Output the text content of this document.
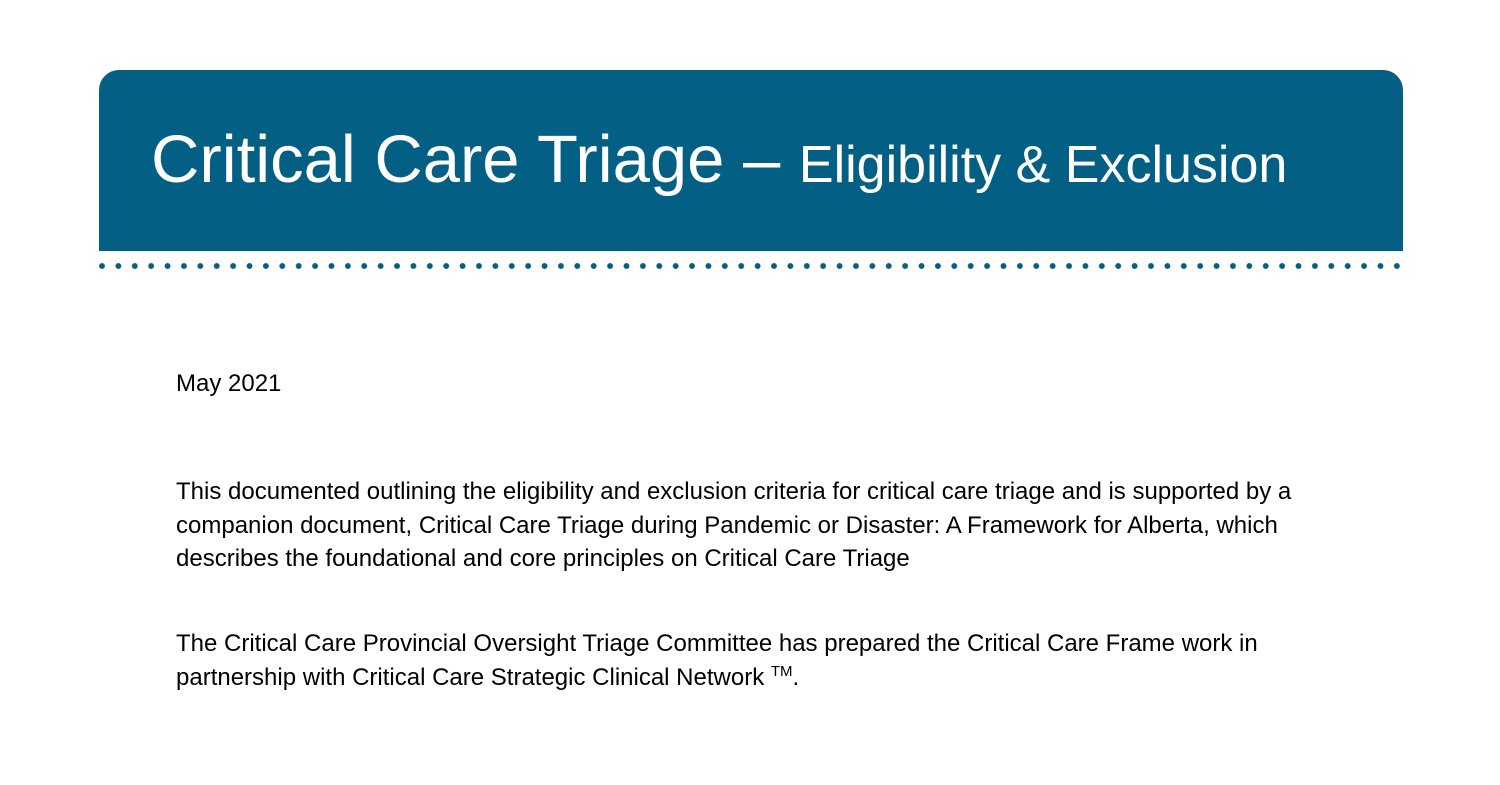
Critical Care Triage – Eligibility & Exclusion
May 2021

This documented outlining the eligibility and exclusion criteria for critical care triage and is supported by a companion document, Critical Care Triage during Pandemic or Disaster: A Framework for Alberta, which describes the foundational and core principles on Critical Care Triage

The Critical Care Provincial Oversight Triage Committee has prepared the Critical Care Frame work in partnership with Critical Care Strategic Clinical Network ™.
